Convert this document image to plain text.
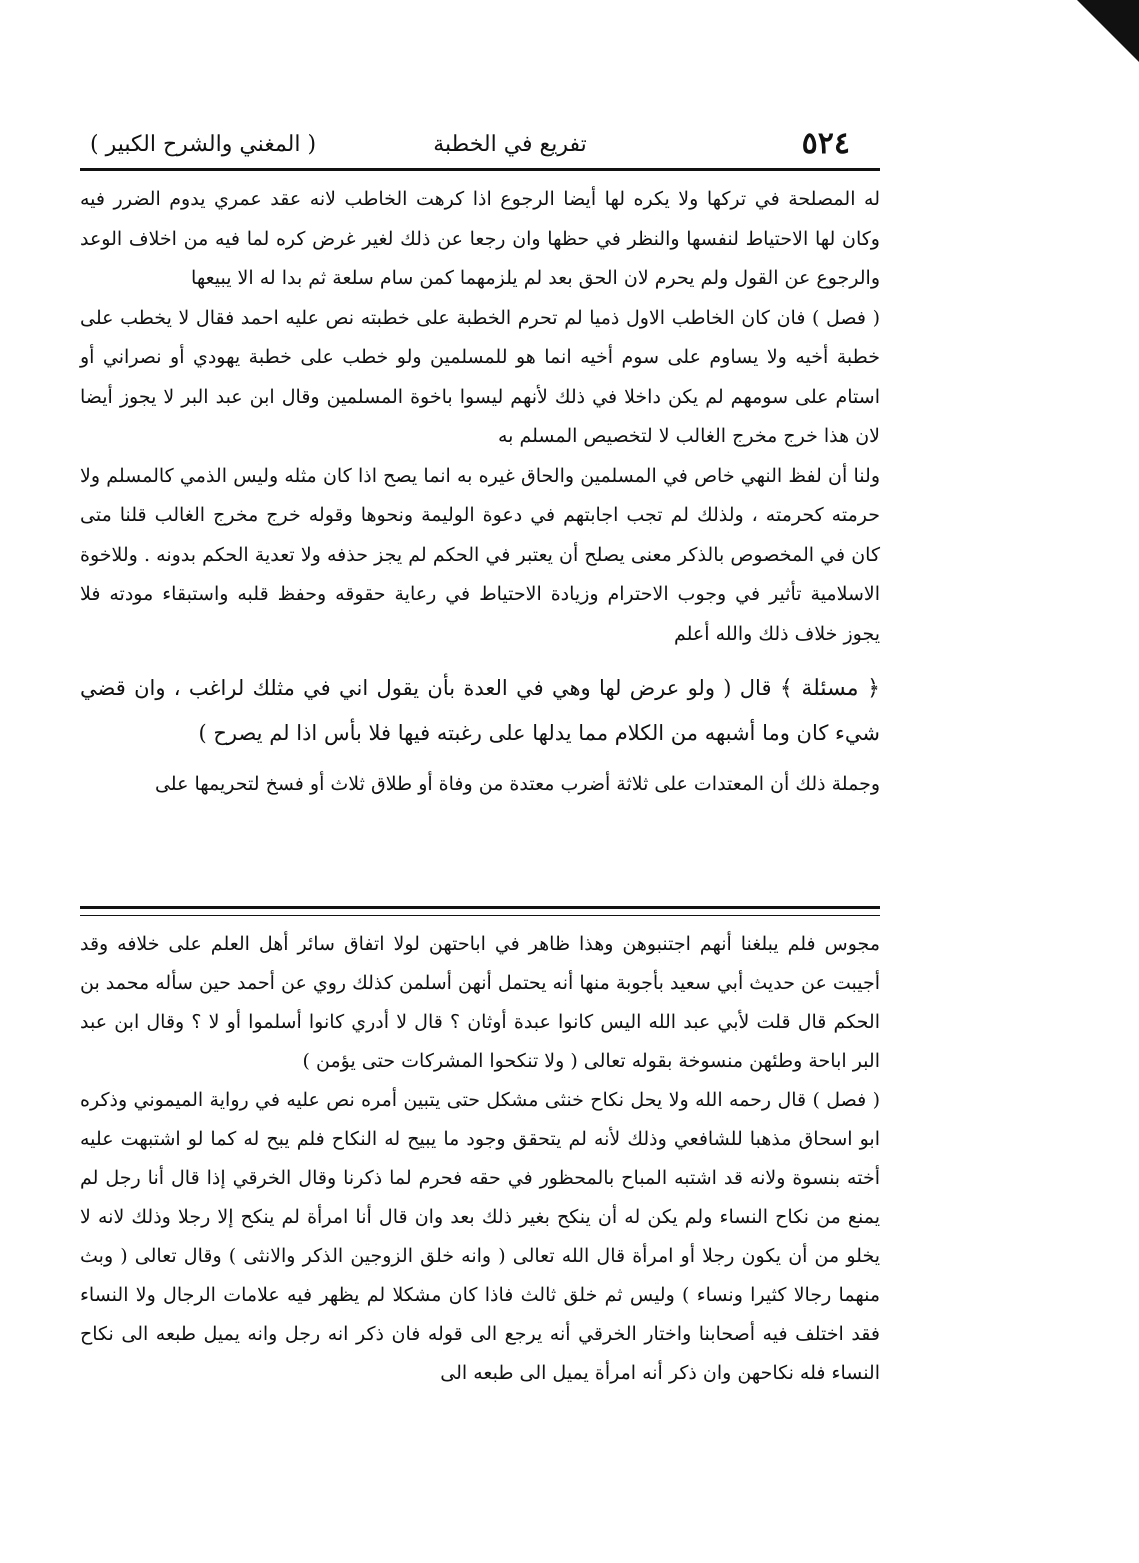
٥٢٤
تفريع في الخطبة
( المغني والشرح الكبير )

له المصلحة في تركها ولا يكره لها أيضا الرجوع اذا كرهت الخاطب لانه عقد عمري يدوم الضرر فيه وكان لها الاحتياط لنفسها والنظر في حظها وان رجعا عن ذلك لغير غرض كره لما فيه من اخلاف الوعد والرجوع عن القول ولم يحرم لان الحق بعد لم يلزمهما كمن سام سلعة ثم بدا له الا يبيعها

( فصل ) فان كان الخاطب الاول ذميا لم تحرم الخطبة على خطبته نص عليه احمد فقال لا يخطب على خطبة أخيه ولا يساوم على سوم أخيه انما هو للمسلمين ولو خطب على خطبة يهودي أو نصراني أو استام على سومهم لم يكن داخلا في ذلك لأنهم ليسوا باخوة المسلمين وقال ابن عبد البر لا يجوز أيضا لان هذا خرج مخرج الغالب لا لتخصيص المسلم به

ولنا أن لفظ النهي خاص في المسلمين والحاق غيره به انما يصح اذا كان مثله وليس الذمي كالمسلم ولا حرمته كحرمته ، ولذلك لم تجب اجابتهم في دعوة الوليمة ونحوها وقوله خرج مخرج الغالب قلنا متى كان في المخصوص بالذكر معنى يصلح أن يعتبر في الحكم لم يجز حذفه ولا تعدية الحكم بدونه . وللاخوة الاسلامية تأثير في وجوب الاحترام وزيادة الاحتياط في رعاية حقوقه وحفظ قلبه واستبقاء مودته فلا يجوز خلاف ذلك والله أعلم

﴿ مسئلة ﴾ قال ( ولو عرض لها وهي في العدة بأن يقول اني في مثلك لراغب ، وان قضي شيء كان وما أشبهه من الكلام مما يدلها على رغبته فيها فلا بأس اذا لم يصرح )

وجملة ذلك أن المعتدات على ثلاثة أضرب معتدة من وفاة أو طلاق ثلاث أو فسخ لتحريمها على

مجوس فلم يبلغنا أنهم اجتنبوهن وهذا ظاهر في اباحتهن لولا اتفاق سائر أهل العلم على خلافه وقد أجيبت عن حديث أبي سعيد بأجوبة منها أنه يحتمل أنهن أسلمن كذلك روي عن أحمد حين سأله محمد بن الحكم قال قلت لأبي عبد الله اليس كانوا عبدة أوثان ؟ قال لا أدري كانوا أسلموا أو لا ؟ وقال ابن عبد البر اباحة وطئهن منسوخة بقوله تعالى ( ولا تنكحوا المشركات حتى يؤمن )

( فصل ) قال رحمه الله ولا يحل نكاح خنثى مشكل حتى يتبين أمره نص عليه في رواية الميموني وذكره ابو اسحاق مذهبا للشافعي وذلك لأنه لم يتحقق وجود ما يبيح له النكاح فلم يبح له كما لو اشتبهت عليه أخته بنسوة ولانه قد اشتبه المباح بالمحظور في حقه فحرم لما ذكرنا وقال الخرقي إذا قال أنا رجل لم يمنع من نكاح النساء ولم يكن له أن ينكح بغير ذلك بعد وان قال أنا امرأة لم ينكح إلا رجلا وذلك لانه لا يخلو من أن يكون رجلا أو امرأة قال الله تعالى ( وانه خلق الزوجين الذكر والانثى ) وقال تعالى ( وبث منهما رجالا كثيرا ونساء ) وليس ثم خلق ثالث فاذا كان مشكلا لم يظهر فيه علامات الرجال ولا النساء فقد اختلف فيه أصحابنا واختار الخرقي أنه يرجع الى قوله فان ذكر انه رجل وانه يميل طبعه الى نكاح النساء فله نكاحهن وان ذكر أنه امرأة يميل الى طبعه الى
